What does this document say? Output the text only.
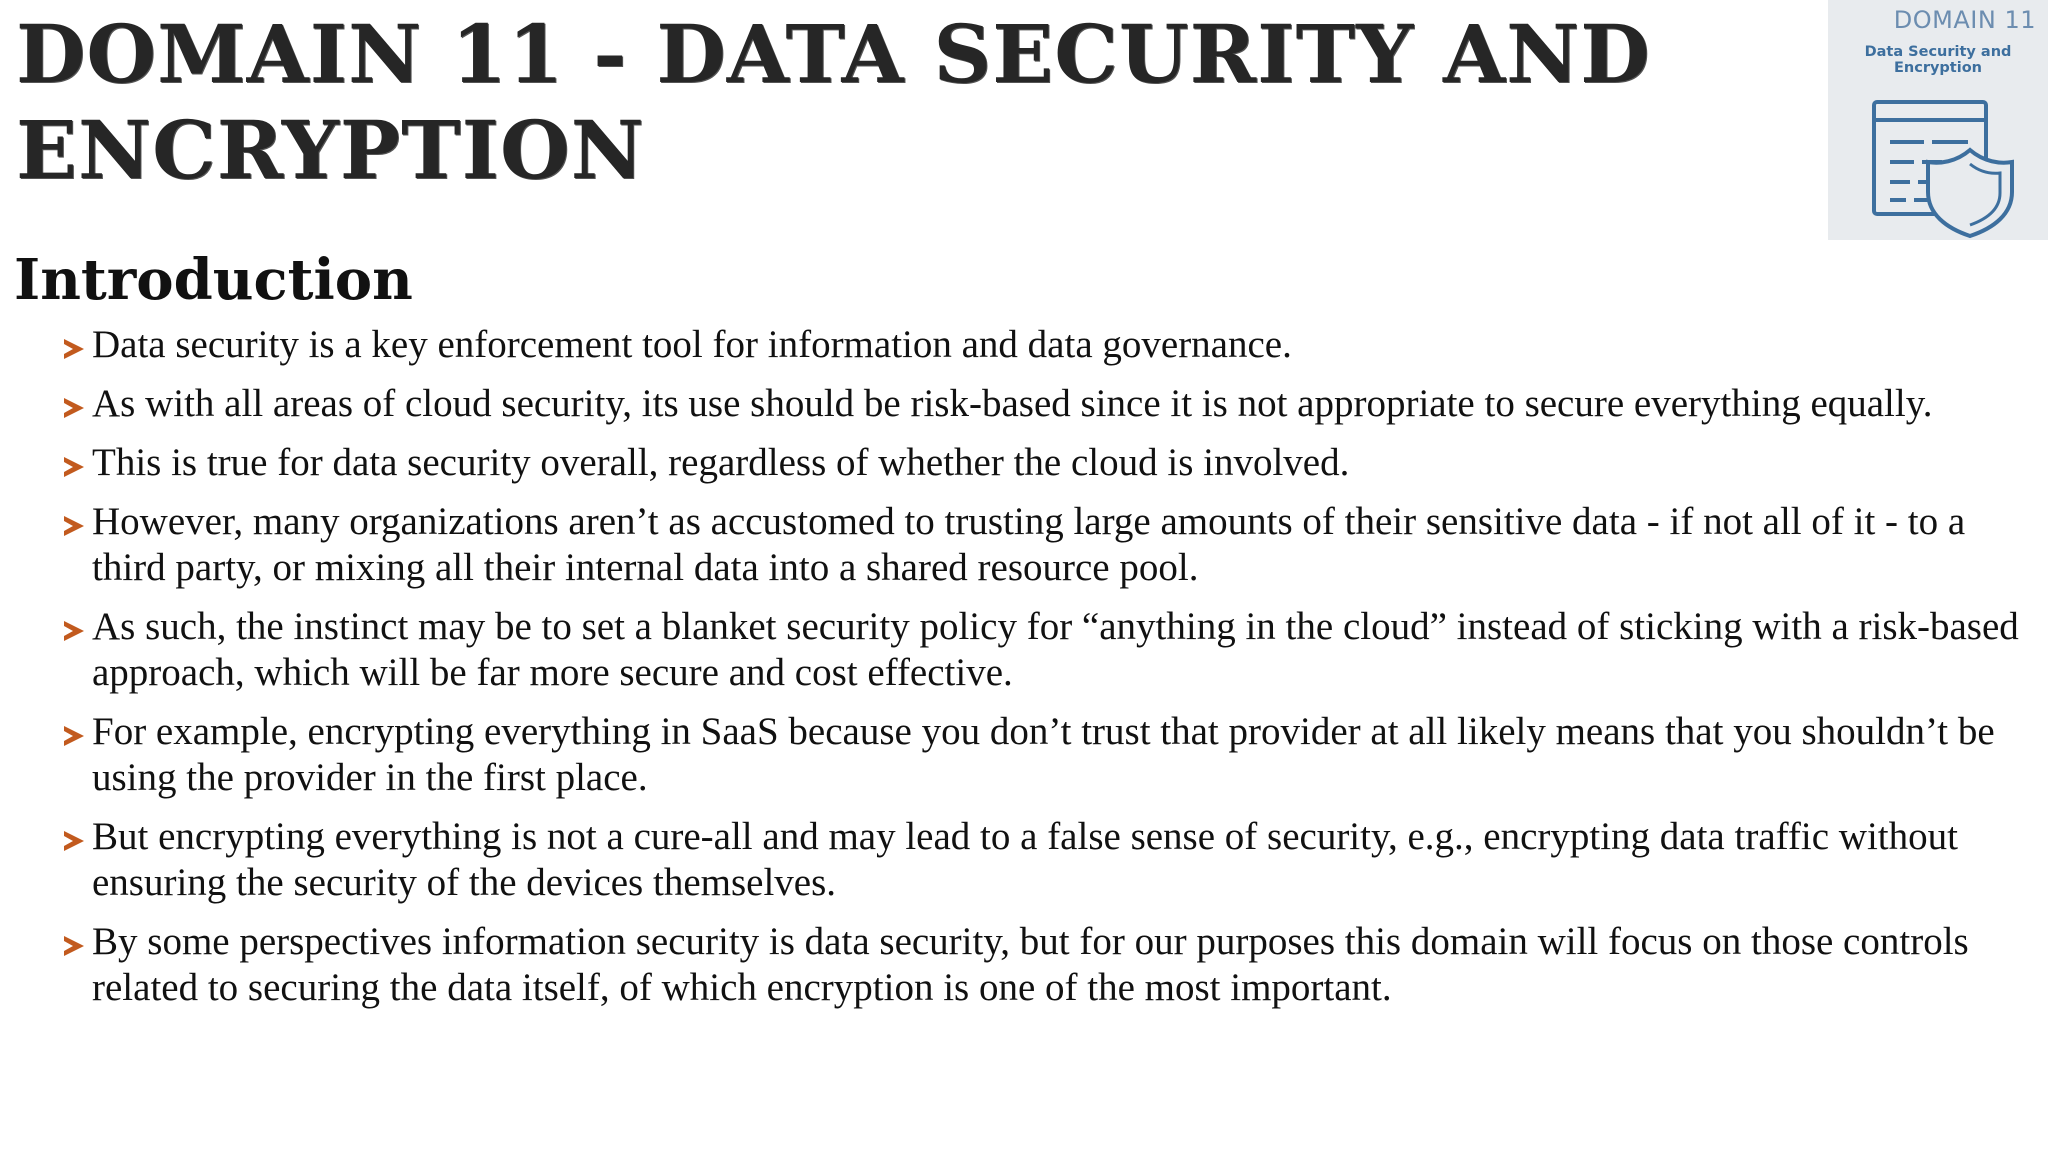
DOMAIN 11 - DATA SECURITY AND ENCRYPTION
DOMAIN 11
Data Security and Encryption
Introduction
Data security is a key enforcement tool for information and data governance.
As with all areas of cloud security, its use should be risk-based since it is not appropriate to secure everything equally.
This is true for data security overall, regardless of whether the cloud is involved.
However, many organizations aren’t as accustomed to trusting large amounts of their sensitive data - if not all of it - to a third party, or mixing all their internal data into a shared resource pool.
As such, the instinct may be to set a blanket security policy for “anything in the cloud” instead of sticking with a risk-based approach, which will be far more secure and cost effective.
For example, encrypting everything in SaaS because you don’t trust that provider at all likely means that you shouldn’t be using the provider in the first place.
But encrypting everything is not a cure-all and may lead to a false sense of security, e.g., encrypting data traffic without ensuring the security of the devices themselves.
By some perspectives information security is data security, but for our purposes this domain will focus on those controls related to securing the data itself, of which encryption is one of the most important.
